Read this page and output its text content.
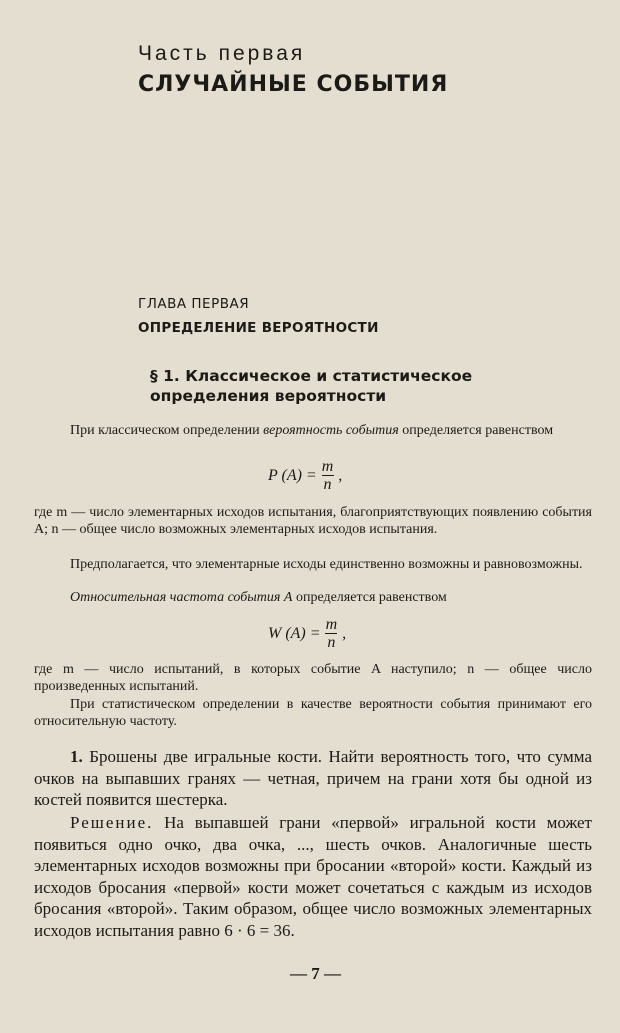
Часть первая
СЛУЧАЙНЫЕ СОБЫТИЯ
ГЛАВА ПЕРВАЯ
ОПРЕДЕЛЕНИЕ ВЕРОЯТНОСТИ
§ 1. Классическое и статистическое
определения вероятности
При классическом определении вероятность события определяется равенством
P $(A) = \frac{m}{n}$ ,
где m — число элементарных исходов испытания, благоприятствующих появлению события A; n — общее число возможных элементарных исходов испытания.
Предполагается, что элементарные исходы единственно возможны и равновозможны.
Относительная частота события A определяется равенством
W $(A) = \frac{m}{n}$ ,
где m — число испытаний, в которых событие A наступило; n — общее число произведенных испытаний.
При статистическом определении в качестве вероятности события принимают его относительную частоту.
1. Брошены две игральные кости. Найти вероятность того, что сумма очков на выпавших гранях — четная, причем на грани хотя бы одной из костей появится шестерка.
Решение. На выпавшей грани «первой» игральной кости может появиться одно очко, два очка, ..., шесть очков. Аналогичные шесть элементарных исходов возможны при бросании «второй» кости. Каждый из исходов бросания «первой» кости может сочетаться с каждым из исходов бросания «второй». Таким образом, общее число возможных элементарных исходов испытания равно 6 · 6 = 36.
— 7 —
